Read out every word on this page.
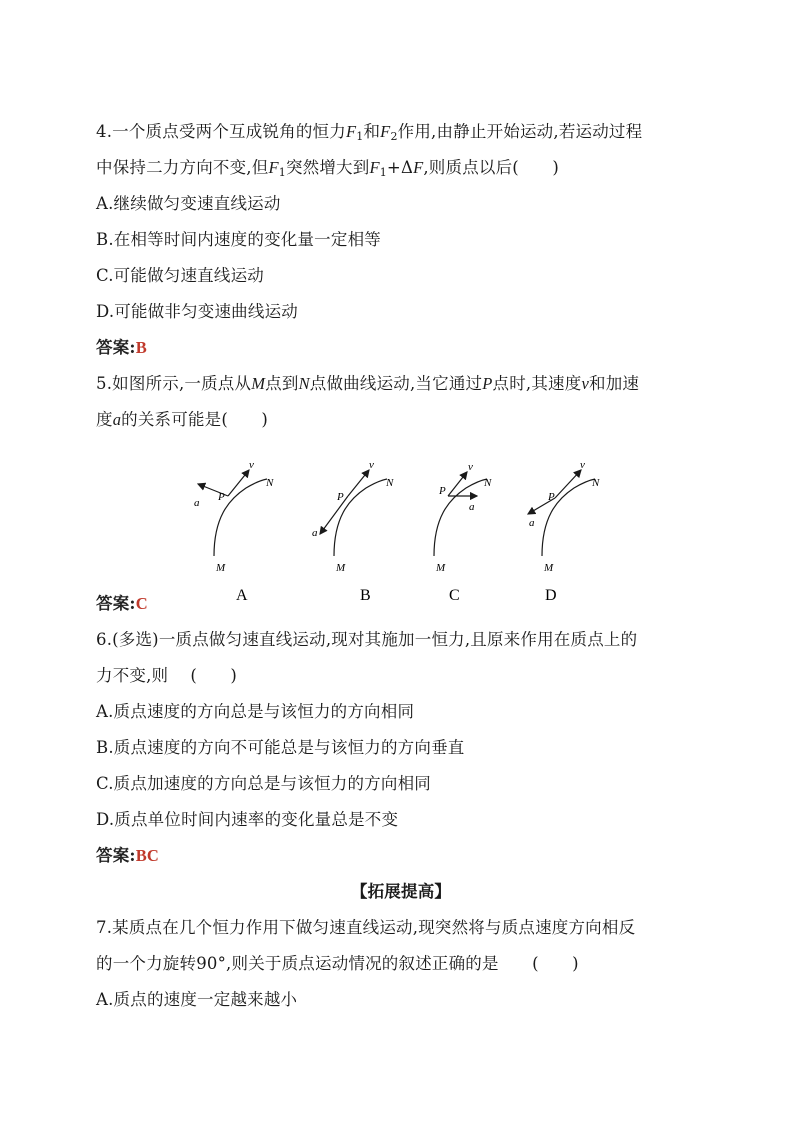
4.一个质点受两个互成锐角的恒力$F_1$和$F_2$作用,由静止开始运动,若运动过程

中保持二力方向不变,但$F_1$突然增大到$F_1+\Delta F$,则质点以后(   )

A.继续做匀变速直线运动

B.在相等时间内速度的变化量一定相等

C.可能做匀速直线运动

D.可能做非匀变速曲线运动

答案:B

5.如图所示,一质点从M点到N点做曲线运动,当它通过P点时,其速度v和加速

度a的关系可能是(   )

v
N
P
a
M
A
v
N
P
a
M
B
v
N
P
a
M
C
v
N
P
a
M
D

答案:C

6.(多选)一质点做匀速直线运动,现对其施加一恒力,且原来作用在质点上的

力不变,则　 (　　)

A.质点速度的方向总是与该恒力的方向相同

B.质点速度的方向不可能总是与该恒力的方向垂直

C.质点加速度的方向总是与该恒力的方向相同

D.质点单位时间内速率的变化量总是不变

答案:BC

【拓展提高】

7.某质点在几个恒力作用下做匀速直线运动,现突然将与质点速度方向相反

的一个力旋转90°,则关于质点运动情况的叙述正确的是　　(　　)

A.质点的速度一定越来越小
